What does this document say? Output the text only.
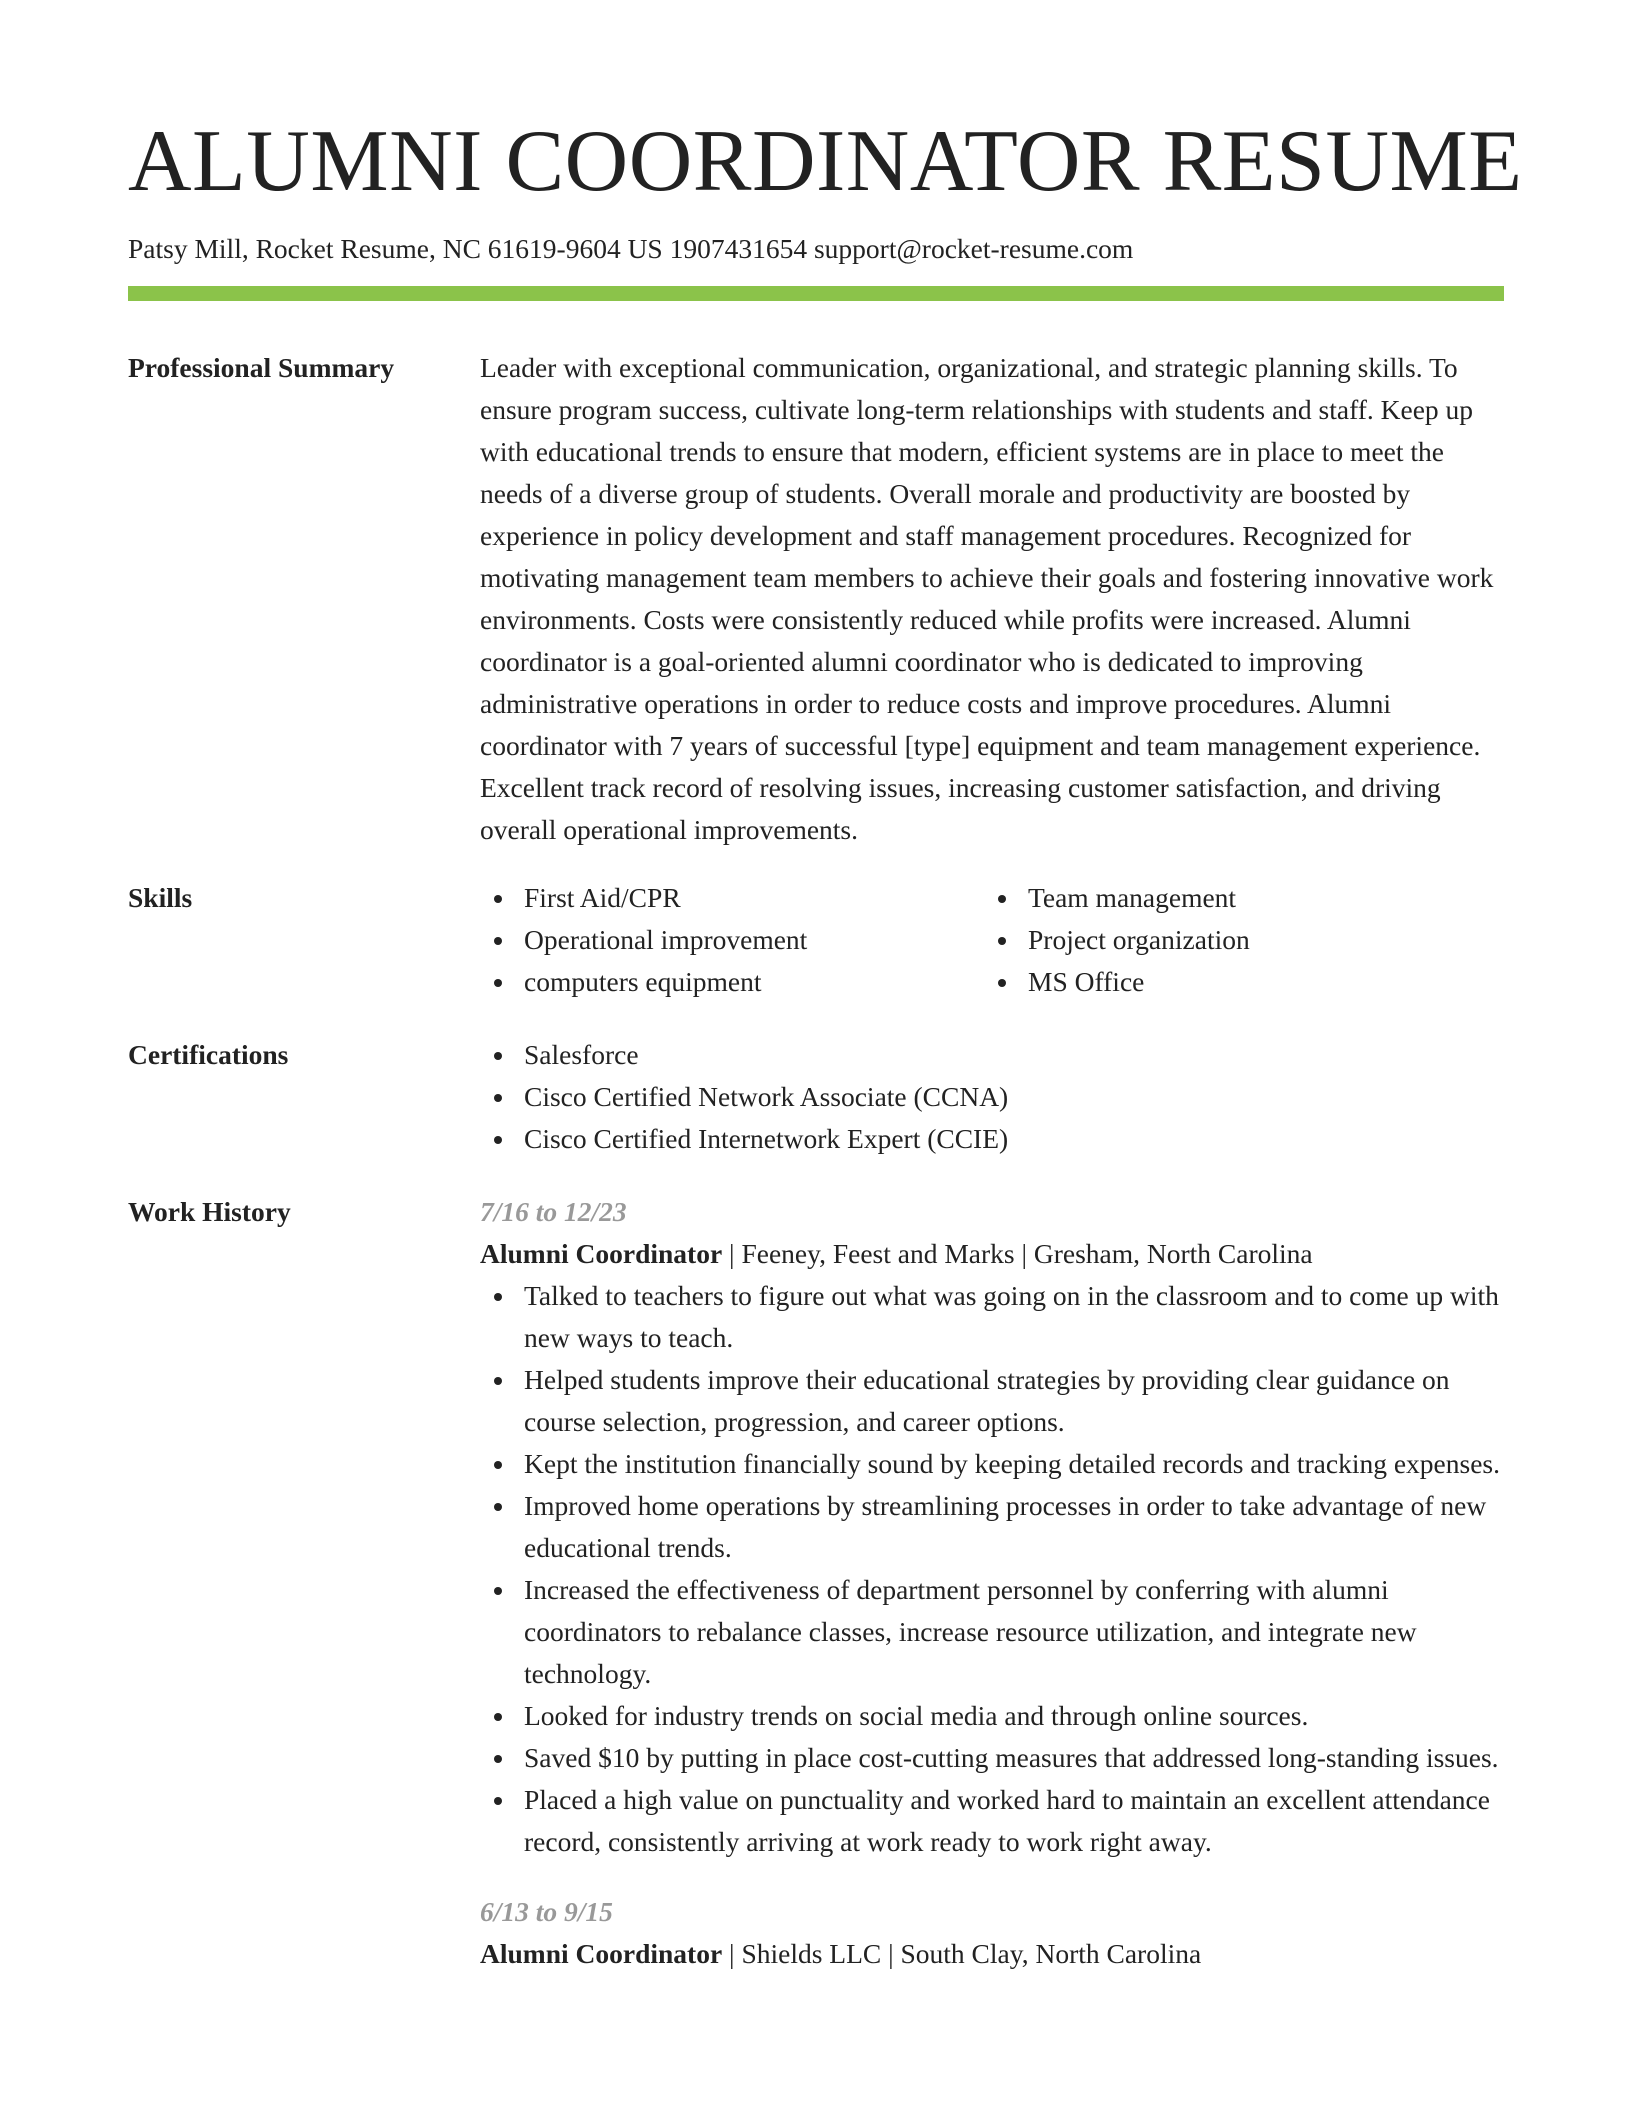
ALUMNI COORDINATOR RESUME
Patsy Mill, Rocket Resume, NC 61619-9604 US 1907431654 support@rocket-resume.com
Professional Summary	Leader with exceptional communication, organizational, and strategic planning skills. To ensure program success, cultivate long-term relationships with students and staff. Keep up with educational trends to ensure that modern, efficient systems are in place to meet the needs of a diverse group of students. Overall morale and productivity are boosted by experience in policy development and staff management procedures. Recognized for motivating management team members to achieve their goals and fostering innovative work environments. Costs were consistently reduced while profits were increased. Alumni coordinator is a goal-oriented alumni coordinator who is dedicated to improving administrative operations in order to reduce costs and improve procedures. Alumni coordinator with 7 years of successful [type] equipment and team management experience. Excellent track record of resolving issues, increasing customer satisfaction, and driving overall operational improvements.

Skills	First Aid/CPR
Operational improvement
computers equipment
Team management
Project organization
MS Office
Certifications	Salesforce
Cisco Certified Network Associate (CCNA)
Cisco Certified Internetwork Expert (CCIE)
Work History	7/16 to 12/23
Alumni Coordinator | Feeney, Feest and Marks | Gresham, North Carolina
Talked to teachers to figure out what was going on in the classroom and to come up with new ways to teach.
Helped students improve their educational strategies by providing clear guidance on course selection, progression, and career options.
Kept the institution financially sound by keeping detailed records and tracking expenses.
Improved home operations by streamlining processes in order to take advantage of new educational trends.
Increased the effectiveness of department personnel by conferring with alumni coordinators to rebalance classes, increase resource utilization, and integrate new technology.
Looked for industry trends on social media and through online sources.
Saved $10 by putting in place cost-cutting measures that addressed long-standing issues.
Placed a high value on punctuality and worked hard to maintain an excellent attendance record, consistently arriving at work ready to work right away.
6/13 to 9/15
Alumni Coordinator | Shields LLC | South Clay, North Carolina
